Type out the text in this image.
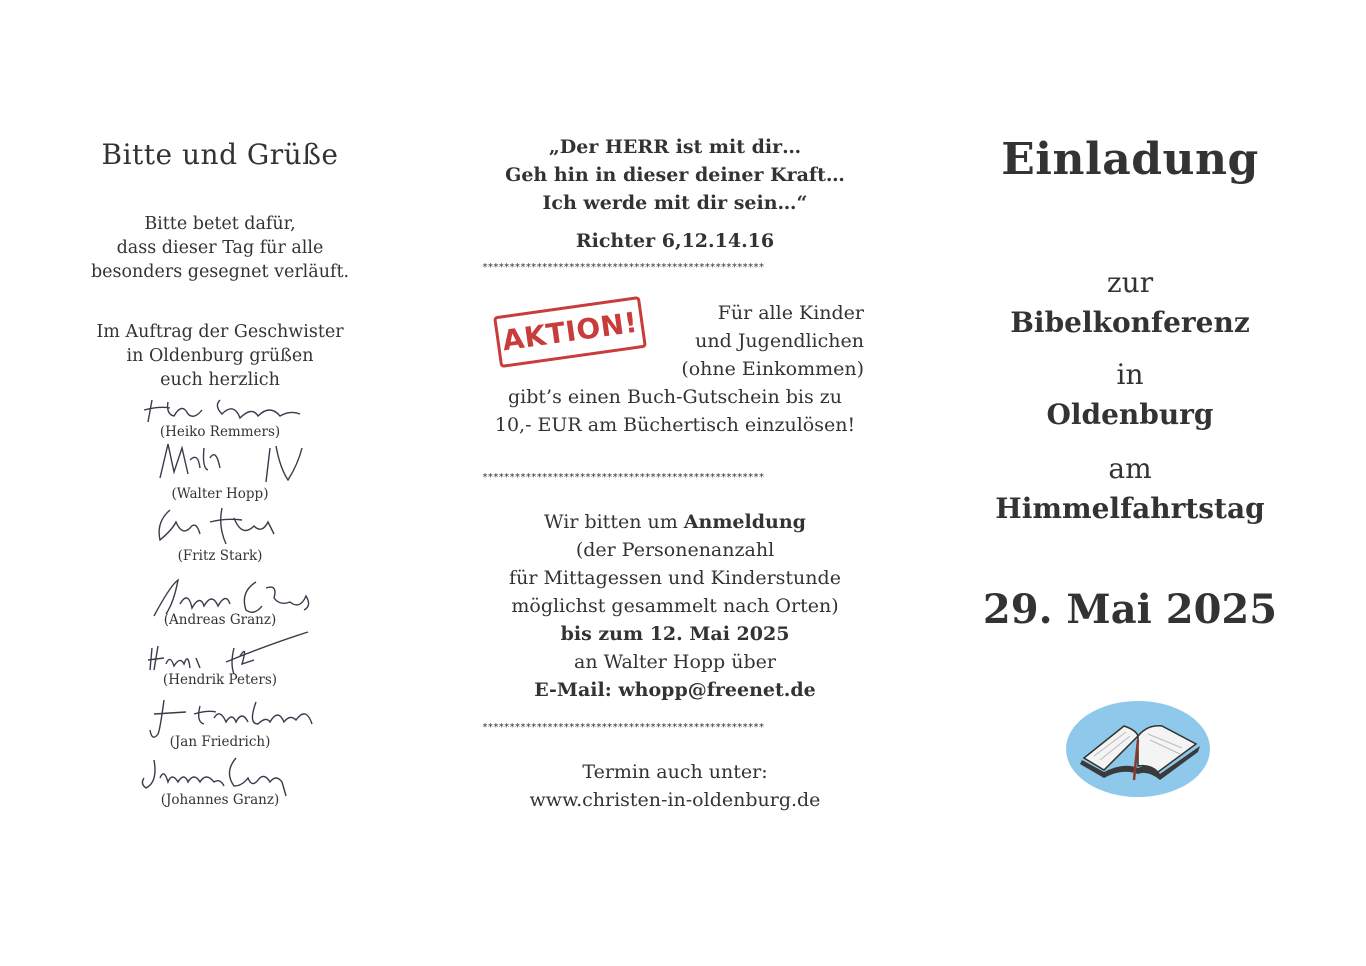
Bitte und Grüße
Bitte betet dafür,
dass dieser Tag für alle
besonders gesegnet verläuft.
Im Auftrag der Geschwister
in Oldenburg grüßen
euch herzlich
(Heiko Remmers)
(Walter Hopp)
(Fritz Stark)
(Andreas Granz)
(Hendrik Peters)
(Jan Friedrich)
(Johannes Granz)
„Der HERR ist mit dir…
Geh hin in dieser deiner Kraft…
Ich werde mit dir sein…“
Richter 6,12.14.16
****************************************************
AKTION!	Für alle Kinder
und Jugendlichen
(ohne Einkommen)
gibt’s einen Buch-Gutschein bis zu
10,- EUR am Büchertisch einzulösen!
****************************************************
Wir bitten um Anmeldung
(der Personenanzahl
für Mittagessen und Kinderstunde
möglichst gesammelt nach Orten)
bis zum 12. Mai 2025
an Walter Hopp über
E-Mail: whopp@freenet.de
****************************************************
Termin auch unter:
www.christen-in-oldenburg.de
Einladung
zur
Bibelkonferenz
in
Oldenburg
am
Himmelfahrtstag
29. Mai 2025
